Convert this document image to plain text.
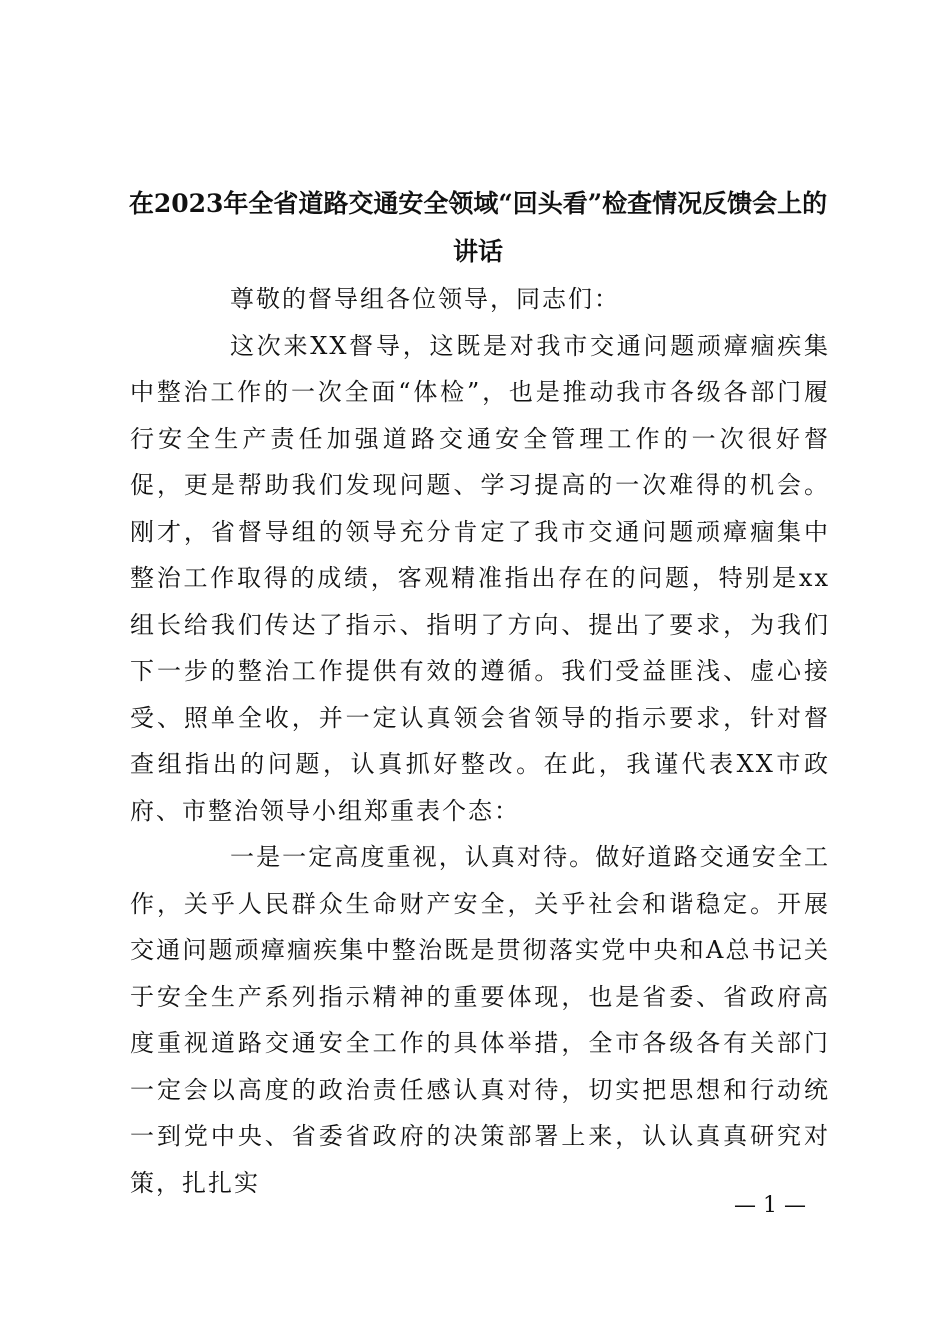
在2023年全省道路交通安全领域“回头看”检查情况反馈会上的
讲话

尊敬的督导组各位领导，同志们：

这次来XX督导，这既是对我市交通问题顽瘴痼疾集中整治工作的一次全面“体检”，也是推动我市各级各部门履行安全生产责任加强道路交通安全管理工作的一次很好督促，更是帮助我们发现问题、学习提高的一次难得的机会。刚才，省督导组的领导充分肯定了我市交通问题顽瘴痼集中整治工作取得的成绩，客观精准指出存在的问题，特别是xx组长给我们传达了指示、指明了方向、提出了要求，为我们下一步的整治工作提供有效的遵循。我们受益匪浅、虚心接受、照单全收，并一定认真领会省领导的指示要求，针对督查组指出的问题，认真抓好整改。在此，我谨代表XX市政府、市整治领导小组郑重表个态：

一是一定高度重视，认真对待。做好道路交通安全工作，关乎人民群众生命财产安全，关乎社会和谐稳定。开展交通问题顽瘴痼疾集中整治既是贯彻落实党中央和A总书记关于安全生产系列指示精神的重要体现，也是省委、省政府高度重视道路交通安全工作的具体举措，全市各级各有关部门一定会以高度的政治责任感认真对待，切实把思想和行动统一到党中央、省委省政府的决策部署上来，认认真真研究对策，扎扎实

— 1 —
